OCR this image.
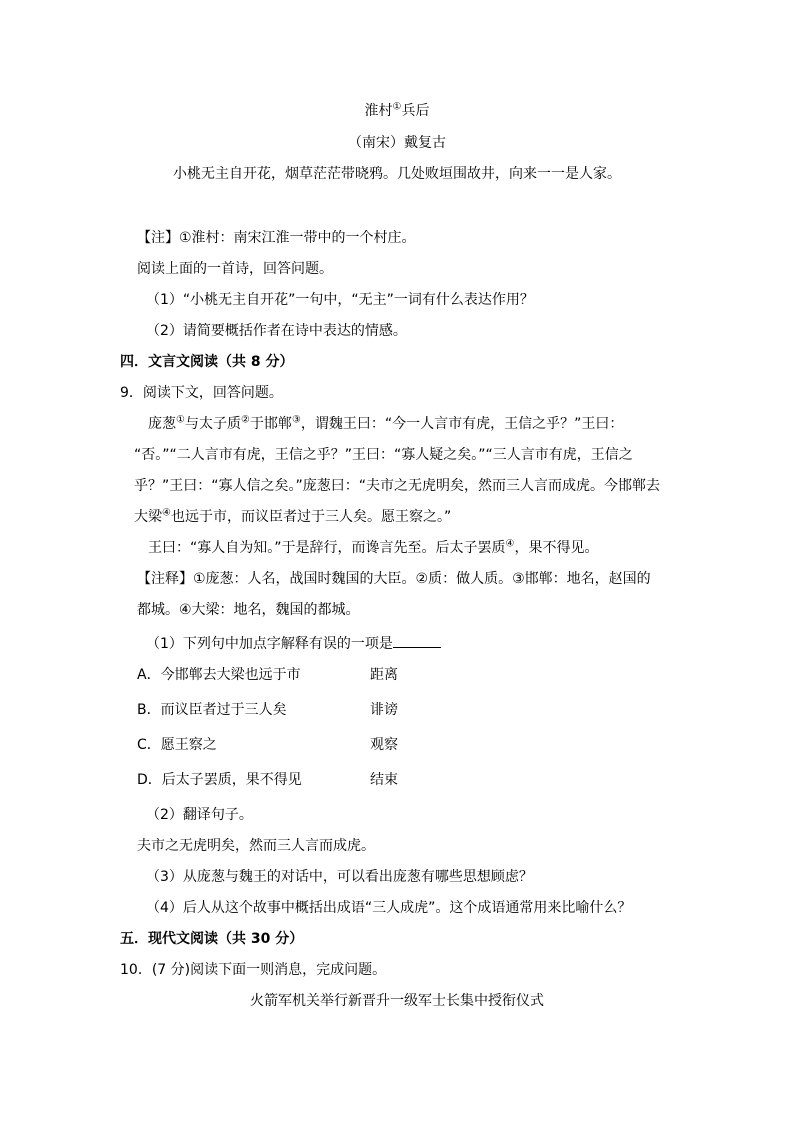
淮村①兵后
（南宋）戴复古
小桃无主自开花，烟草茫茫带晓鸦。几处败垣围故井，向来一一是人家。
【注】①淮村：南宋江淮一带中的一个村庄。
阅读上面的一首诗，回答问题。
（1）“小桃无主自开花”一句中，“无主”一词有什么表达作用？
（2）请简要概括作者在诗中表达的情感。
四．文言文阅读（共 8 分）
9．阅读下文，回答问题。
庞葱①与太子质②于邯郸③，谓魏王曰：“今一人言市有虎，王信之乎？”王曰：
“否。”“二人言市有虎，王信之乎？”王曰：“寡人疑之矣。”“三人言市有虎，王信之
乎？”王曰：“寡人信之矣。”庞葱曰：“夫市之无虎明矣，然而三人言而成虎。今邯郸去
大梁④也远于市，而议臣者过于三人矣。愿王察之。”
王曰：“寡人自为知。”于是辞行，而谗言先至。后太子罢质④，果不得见。
【注释】①庞葱：人名，战国时魏国的大臣。②质：做人质。③邯郸：地名，赵国的
都城。④大梁：地名，魏国的都城。
（1）下列句中加点字解释有误的一项是
A．今邯郸去大梁也远于市	距离
B．而议臣者过于三人矣	诽谤
C．愿王察之	观察
D．后太子罢质，果不得见	结束
（2）翻译句子。
夫市之无虎明矣，然而三人言而成虎。
（3）从庞葱与魏王的对话中，可以看出庞葱有哪些思想顾虑？
（4）后人从这个故事中概括出成语“三人成虎”。这个成语通常用来比喻什么？
五．现代文阅读（共 30 分）
10．(7 分)阅读下面一则消息，完成问题。
火箭军机关举行新晋升一级军士长集中授衔仪式
